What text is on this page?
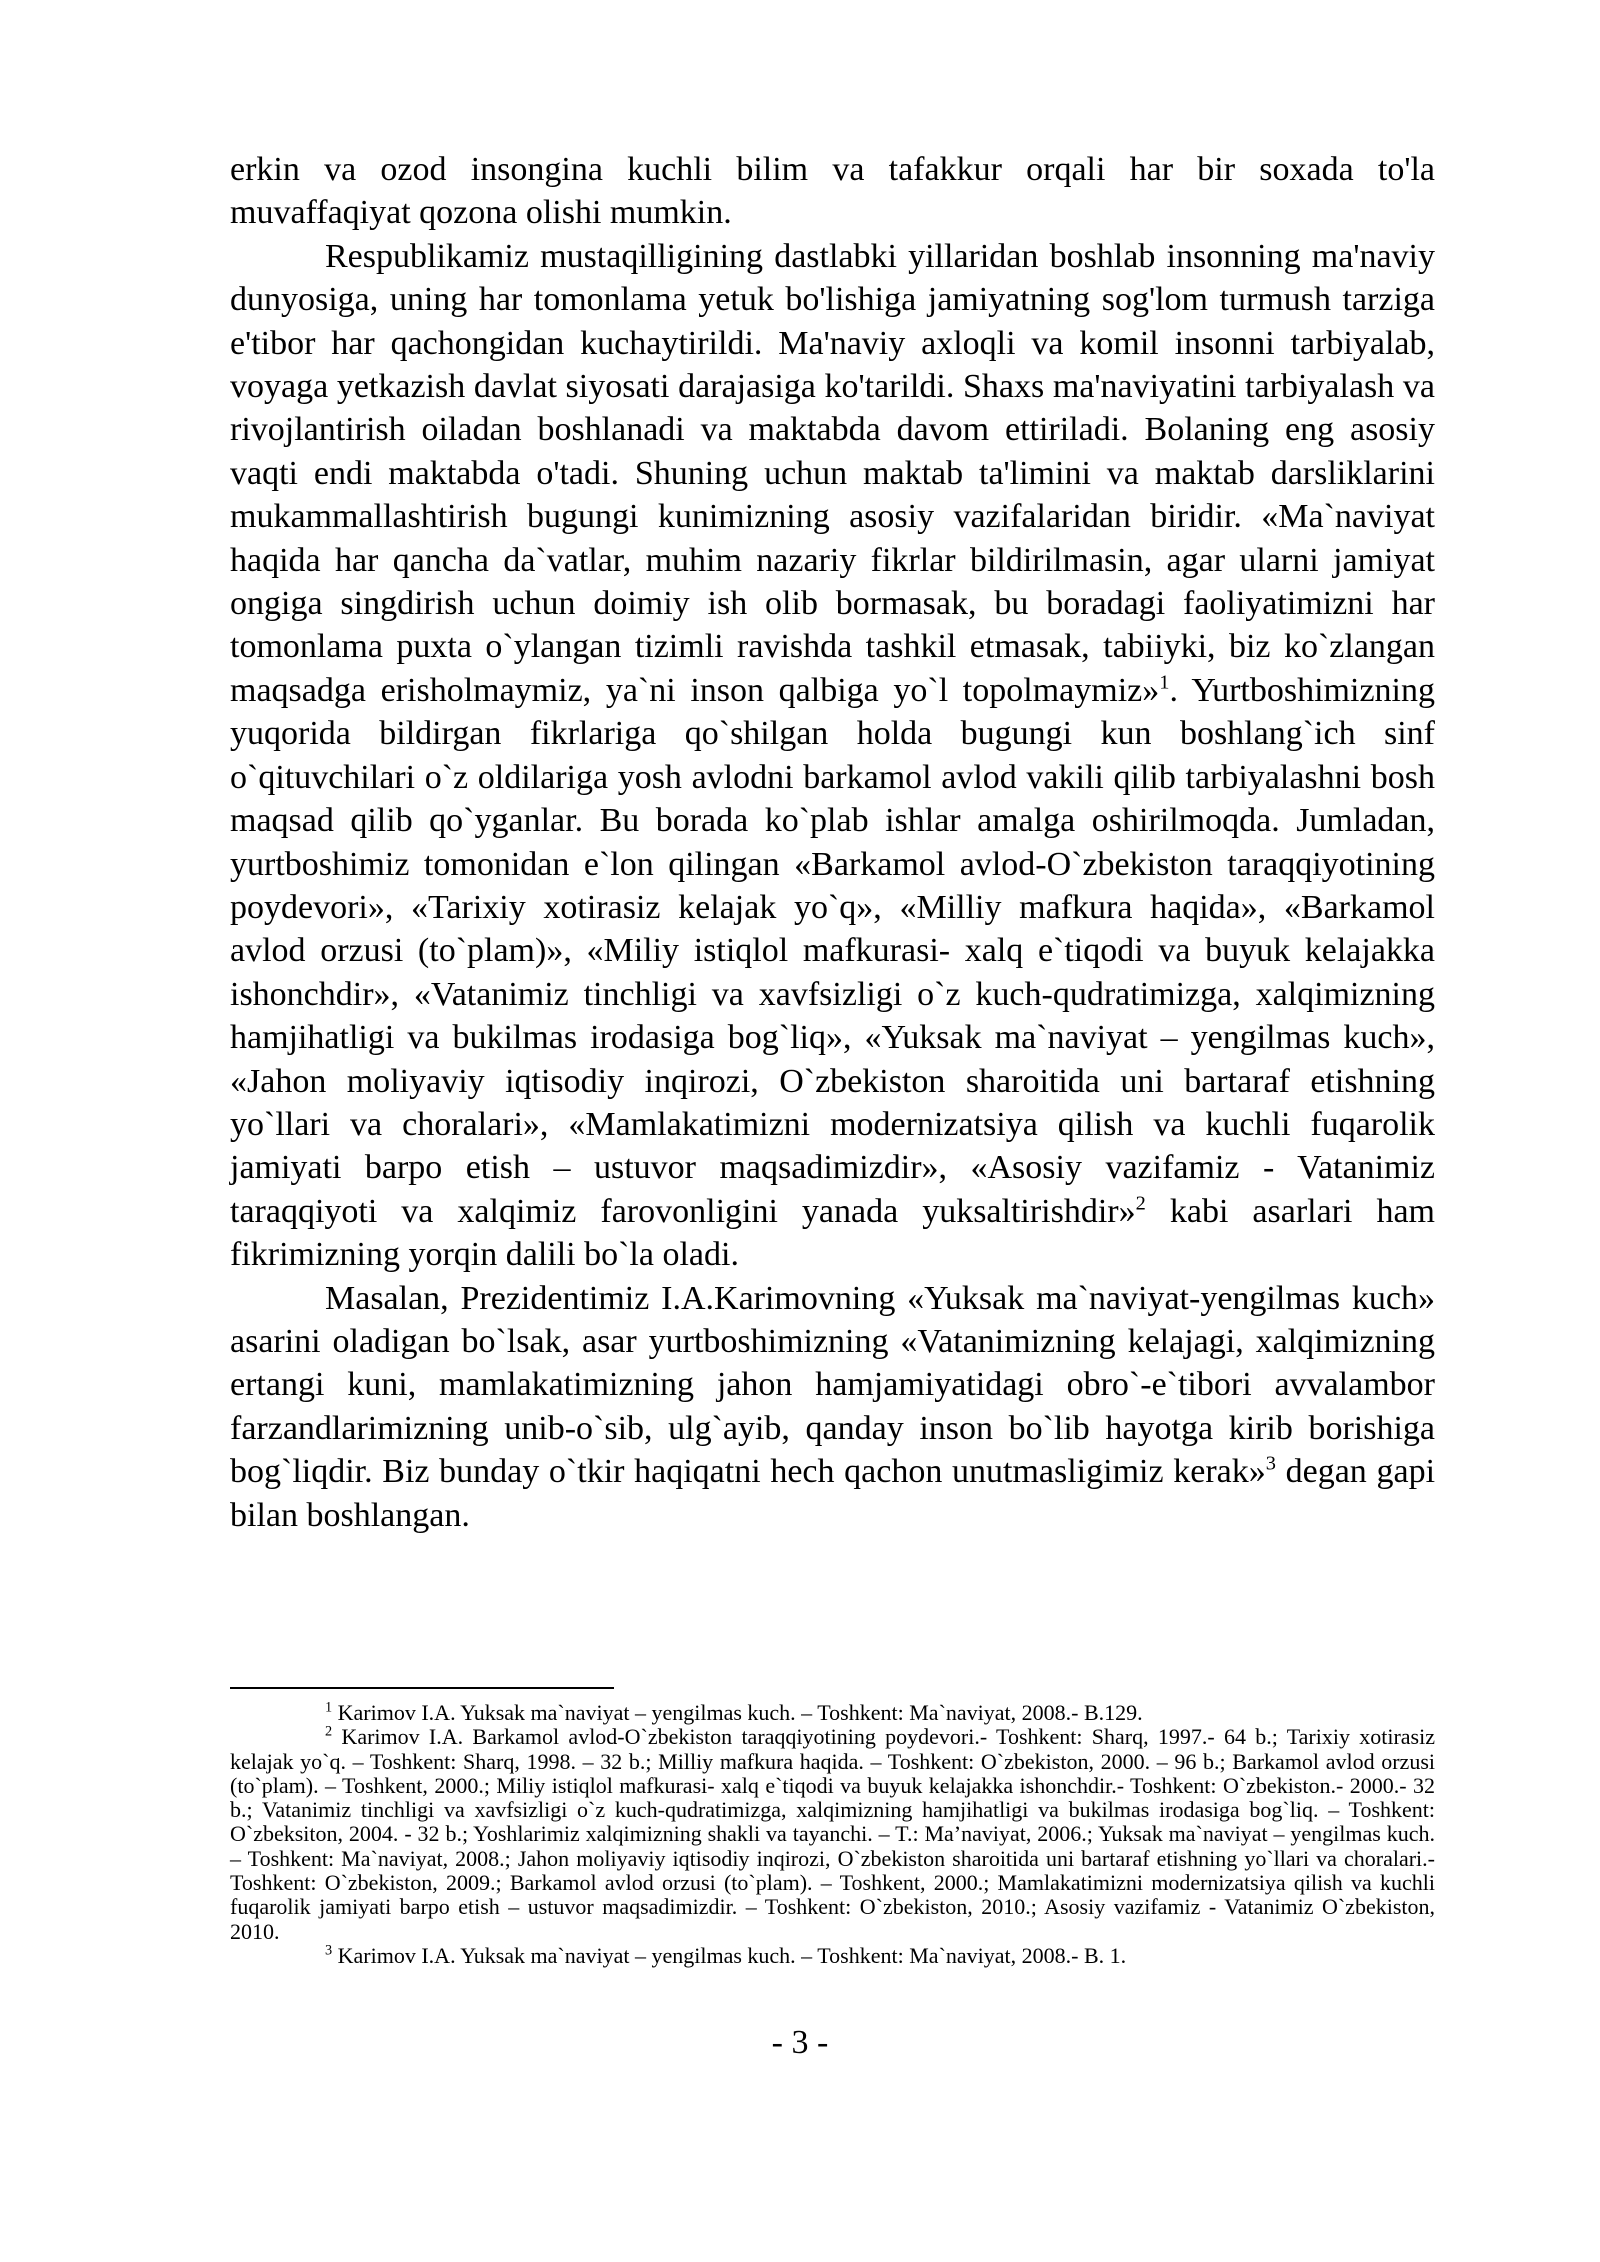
erkin va ozod insongina kuchli bilim va tafakkur orqali har bir soxada to'la muvaffaqiyat qozona olishi mumkin.

Respublikamiz mustaqilligining dastlabki yillaridan boshlab insonning ma'naviy dunyosiga, uning har tomonlama yetuk bo'lishiga jamiyatning sog'lom turmush tarziga e'tibor har qachongidan kuchaytirildi. Ma'naviy axloqli va komil insonni tarbiyalab, voyaga yetkazish davlat siyosati darajasiga ko'tarildi. Shaxs ma'naviyatini tarbiyalash va rivojlantirish oiladan boshlanadi va maktabda davom ettiriladi. Bolaning eng asosiy vaqti endi maktabda o'tadi. Shuning uchun maktab ta'limini va maktab darsliklarini mukammallashtirish bugungi kunimizning asosiy vazifalaridan biridir. «Ma`naviyat haqida har qancha da`vatlar, muhim nazariy fikrlar bildirilmasin, agar ularni jamiyat ongiga singdirish uchun doimiy ish olib bormasak, bu boradagi faoliyatimizni har tomonlama puxta o`ylangan tizimli ravishda tashkil etmasak, tabiiyki, biz ko`zlangan maqsadga erisholmaymiz, ya`ni inson qalbiga yo`l topolmaymiz»$^1$. Yurtboshimizning yuqorida bildirgan fikrlariga qo`shilgan holda bugungi kun boshlang`ich sinf o`qituvchilari o`z oldilariga yosh avlodni barkamol avlod vakili qilib tarbiyalashni bosh maqsad qilib qo`yganlar. Bu borada ko`plab ishlar amalga oshirilmoqda. Jumladan, yurtboshimiz tomonidan e`lon qilingan «Barkamol avlod-O`zbekiston taraqqiyotining poydevori», «Tarixiy xotirasiz kelajak yo`q», «Milliy mafkura haqida», «Barkamol avlod orzusi (to`plam)», «Miliy istiqlol mafkurasi- xalq e`tiqodi va buyuk kelajakka ishonchdir», «Vatanimiz tinchligi va xavfsizligi o`z kuch-qudratimizga, xalqimizning hamjihatligi va bukilmas irodasiga bog`liq», «Yuksak ma`naviyat – yengilmas kuch», «Jahon moliyaviy iqtisodiy inqirozi, O`zbekiston sharoitida uni bartaraf etishning yo`llari va choralari», «Mamlakatimizni modernizatsiya qilish va kuchli fuqarolik jamiyati barpo etish – ustuvor maqsadimizdir», «Asosiy vazifamiz - Vatanimiz taraqqiyoti va xalqimiz farovonligini yanada yuksaltirishdir»$^2$ kabi asarlari ham fikrimizning yorqin dalili bo`la oladi.

Masalan, Prezidentimiz I.A.Karimovning «Yuksak ma`naviyat-yengilmas kuch» asarini oladigan bo`lsak, asar yurtboshimizning «Vatanimizning kelajagi, xalqimizning ertangi kuni, mamlakatimizning jahon hamjamiyatidagi obro`-e`tibori avvalambor farzandlarimizning unib-o`sib, ulg`ayib, qanday inson bo`lib hayotga kirib borishiga bog`liqdir. Biz bunday o`tkir haqiqatni hech qachon unutmasligimiz kerak»$^3$ degan gapi bilan boshlangan.

$^1$ Karimov I.A. Yuksak ma`naviyat – yengilmas kuch. – Toshkent: Ma`naviyat, 2008.- B.129.

$^2$ Karimov I.A. Barkamol avlod-O`zbekiston taraqqiyotining poydevori.- Toshkent: Sharq, 1997.- 64 b.; Tarixiy xotirasiz kelajak yo`q. – Toshkent: Sharq, 1998. – 32 b.; Milliy mafkura haqida. – Toshkent: O`zbekiston, 2000. – 96 b.; Barkamol avlod orzusi (to`plam). – Toshkent, 2000.; Miliy istiqlol mafkurasi- xalq e`tiqodi va buyuk kelajakka ishonchdir.- Toshkent: O`zbekiston.- 2000.- 32 b.; Vatanimiz tinchligi va xavfsizligi o`z kuch-qudratimizga, xalqimizning hamjihatligi va bukilmas irodasiga bog`liq. – Toshkent: O`zbeksiton, 2004. - 32 b.; Yoshlarimiz xalqimizning shakli va tayanchi. – T.: Ma’naviyat, 2006.; Yuksak ma`naviyat – yengilmas kuch. – Toshkent: Ma`naviyat, 2008.; Jahon moliyaviy iqtisodiy inqirozi, O`zbekiston sharoitida uni bartaraf etishning yo`llari va choralari.- Toshkent: O`zbekiston, 2009.; Barkamol avlod orzusi (to`plam). – Toshkent, 2000.; Mamlakatimizni modernizatsiya qilish va kuchli fuqarolik jamiyati barpo etish – ustuvor maqsadimizdir. – Toshkent: O`zbekiston, 2010.; Asosiy vazifamiz - Vatanimiz O`zbekiston, 2010.

$^3$ Karimov I.A. Yuksak ma`naviyat – yengilmas kuch. – Toshkent: Ma`naviyat, 2008.- B. 1.

- 3 -
